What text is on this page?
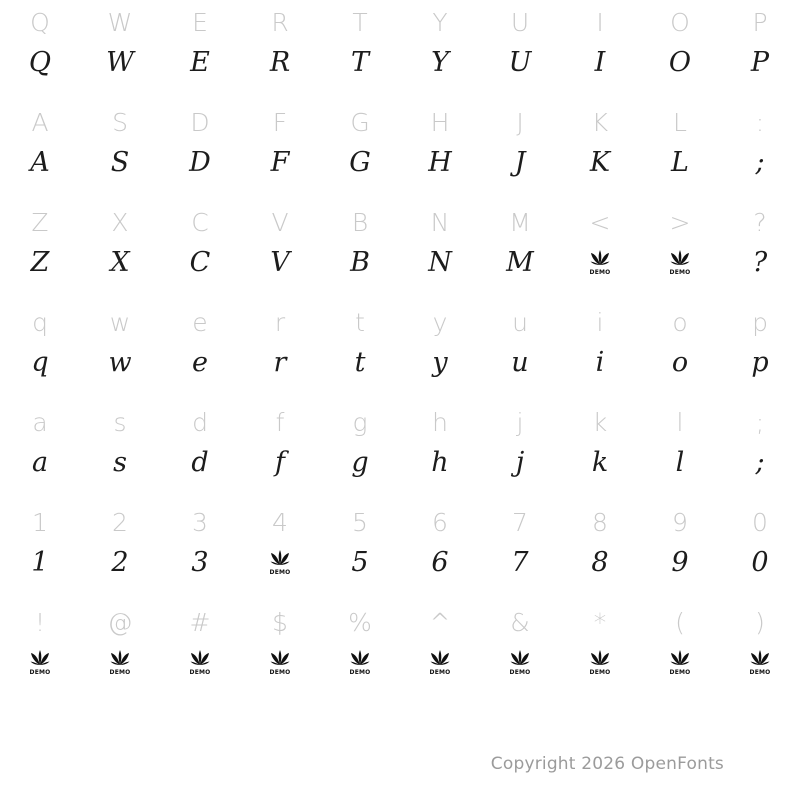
Q
Q
W
W
E
E
R
R
T
T
Y
Y
U
U
I
I
O
O
P
P
A
A
S
S
D
D
F
F
G
G
H
H
J
J
K
K
L
L
:
;
Z
Z
X
X
C
C
V
V
B
B
N
N
M
M
<
DEMO
>
DEMO
?
?
q
q
w
w
e
e
r
r
t
t
y
y
u
u
i
i
o
o
p
p
a
a
s
s
d
d
f
f
g
g
h
h
j
j
k
k
l
l
;
;
1
1
2
2
3
3
4
DEMO
5
5
6
6
7
7
8
8
9
9
0
0
!
DEMO
@
DEMO
#
DEMO
$
DEMO
%
DEMO
^
DEMO
&
DEMO
*
DEMO
(
DEMO
)
DEMO
Copyright 2026 OpenFonts
